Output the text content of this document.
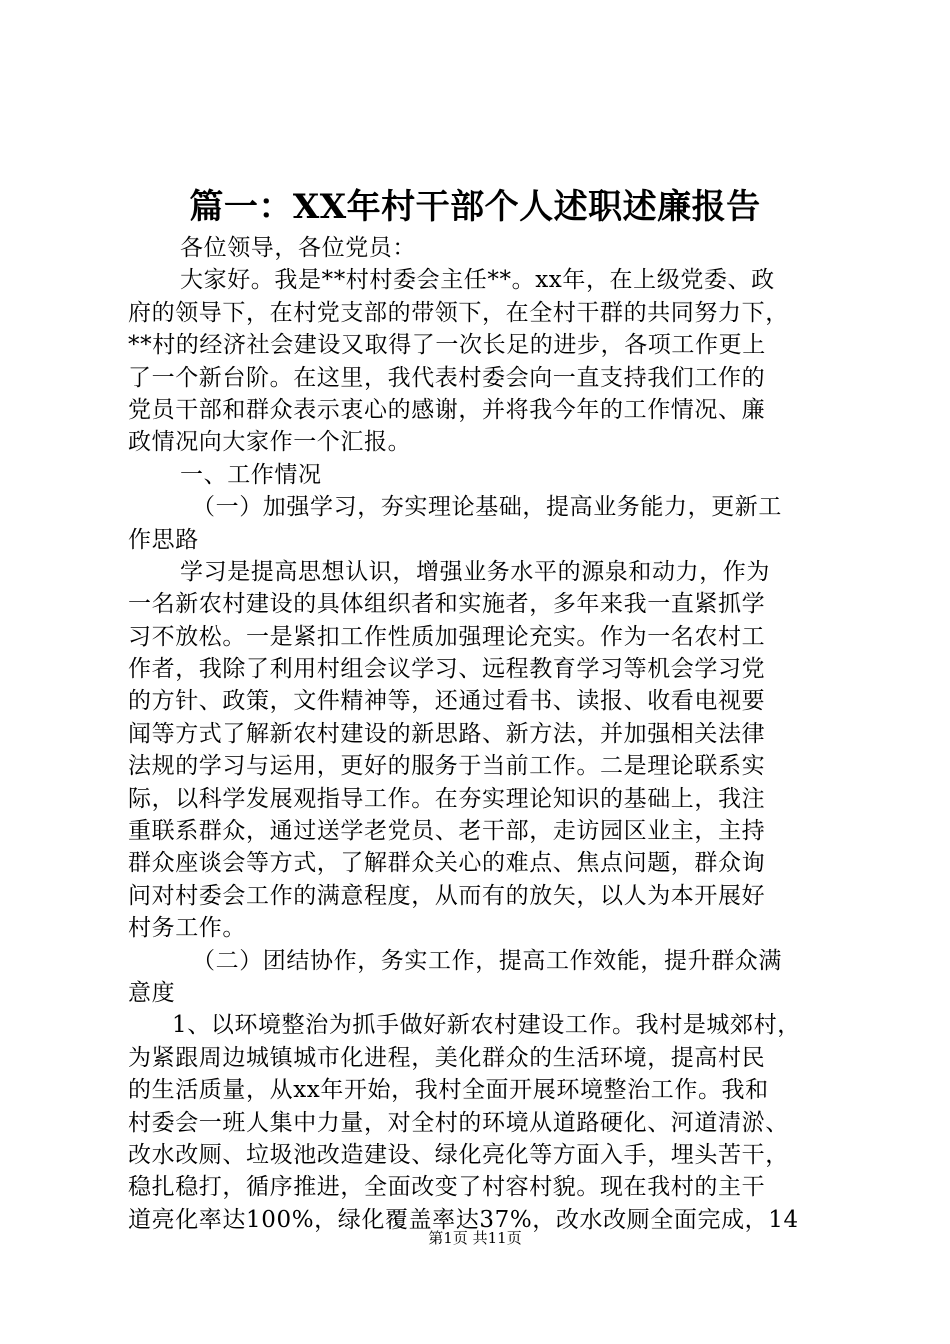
篇一：XX年村干部个人述职述廉报告
各位领导，各位党员：
大家好。我是**村村委会主任**。xx年，在上级党委、政
府的领导下，在村党支部的带领下，在全村干群的共同努力下，
**村的经济社会建设又取得了一次长足的进步，各项工作更上
了一个新台阶。在这里，我代表村委会向一直支持我们工作的
党员干部和群众表示衷心的感谢，并将我今年的工作情况、廉
政情况向大家作一个汇报。
一、工作情况
（一）加强学习，夯实理论基础，提高业务能力，更新工
作思路
学习是提高思想认识，增强业务水平的源泉和动力，作为
一名新农村建设的具体组织者和实施者，多年来我一直紧抓学
习不放松。一是紧扣工作性质加强理论充实。作为一名农村工
作者，我除了利用村组会议学习、远程教育学习等机会学习党
的方针、政策，文件精神等，还通过看书、读报、收看电视要
闻等方式了解新农村建设的新思路、新方法，并加强相关法律
法规的学习与运用，更好的服务于当前工作。二是理论联系实
际，以科学发展观指导工作。在夯实理论知识的基础上，我注
重联系群众，通过送学老党员、老干部，走访园区业主，主持
群众座谈会等方式，了解群众关心的难点、焦点问题，群众询
问对村委会工作的满意程度，从而有的放矢，以人为本开展好
村务工作。
（二）团结协作，务实工作，提高工作效能，提升群众满
意度
1、以环境整治为抓手做好新农村建设工作。我村是城郊村，
为紧跟周边城镇城市化进程，美化群众的生活环境，提高村民
的生活质量，从xx年开始，我村全面开展环境整治工作。我和
村委会一班人集中力量，对全村的环境从道路硬化、河道清淤、
改水改厕、垃圾池改造建设、绿化亮化等方面入手，埋头苦干，
稳扎稳打，循序推进，全面改变了村容村貌。现在我村的主干
道亮化率达100%，绿化覆盖率达37%，改水改厕全面完成，14
第1页 共11页
